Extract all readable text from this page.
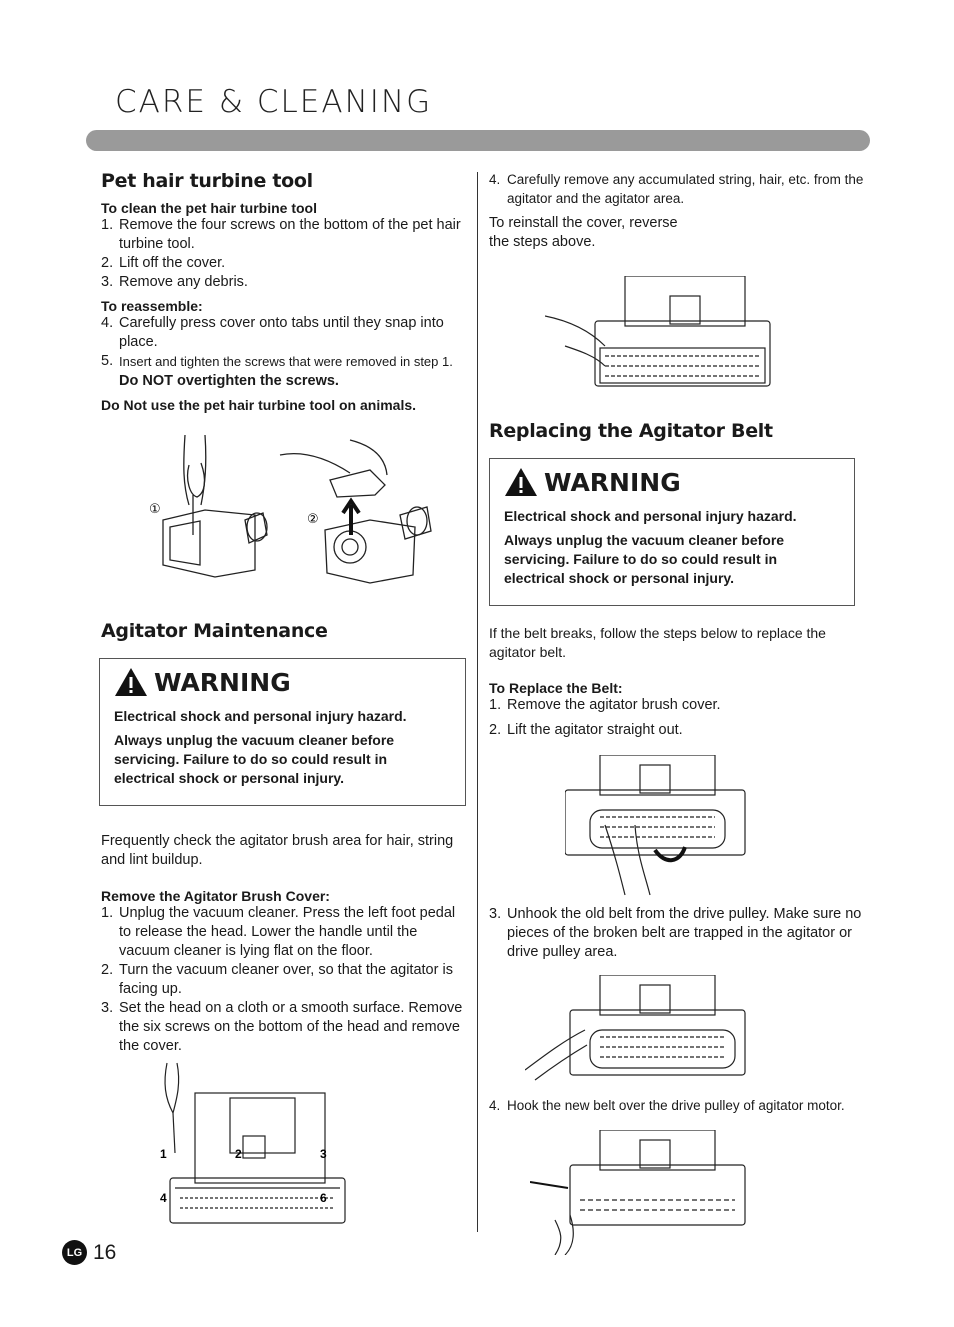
CARE & CLEANING
Pet hair turbine tool
To clean the pet hair turbine tool
1. Remove the four screws on the bottom of the pet hair turbine tool.
2. Lift off the cover.
3. Remove any debris.
To reassemble:
4. Carefully press cover onto tabs until they snap into place.
5. Insert and tighten the screws that were removed in step 1. Do NOT overtighten the screws.
Do Not use the pet hair turbine tool on animals.
①
②
Agitator Maintenance
WARNING

Electrical shock and personal injury hazard.

Always unplug the vacuum cleaner before servicing. Failure to do so could result in electrical shock or personal injury.

Frequently check the agitator brush area for hair, string and lint buildup.

Remove the Agitator Brush Cover:
1. Unplug the vacuum cleaner. Press the left foot pedal to release the head. Lower the handle until the vacuum cleaner is lying flat on the floor.
2. Turn the vacuum cleaner over, so that the agitator is facing up.
3. Set the head on a cloth or a smooth surface. Remove the six screws on the bottom of the head and remove the cover.
1	2	3
4	6
4. Carefully remove any accumulated string, hair, etc. from the agitator and the agitator area.

To reinstall the cover, reverse the steps above.

Replacing the Agitator Belt
WARNING

Electrical shock and personal injury hazard.

Always unplug the vacuum cleaner before servicing. Failure to do so could result in electrical shock or personal injury.

If the belt breaks, follow the steps below to replace the agitator belt.

To Replace the Belt:
1. Remove the agitator brush cover.
2. Lift the agitator straight out.
3. Unhook the old belt from the drive pulley. Make sure no pieces of the broken belt are trapped in the agitator or drive pulley area.
4. Hook the new belt over the drive pulley of agitator motor.
LG 16
